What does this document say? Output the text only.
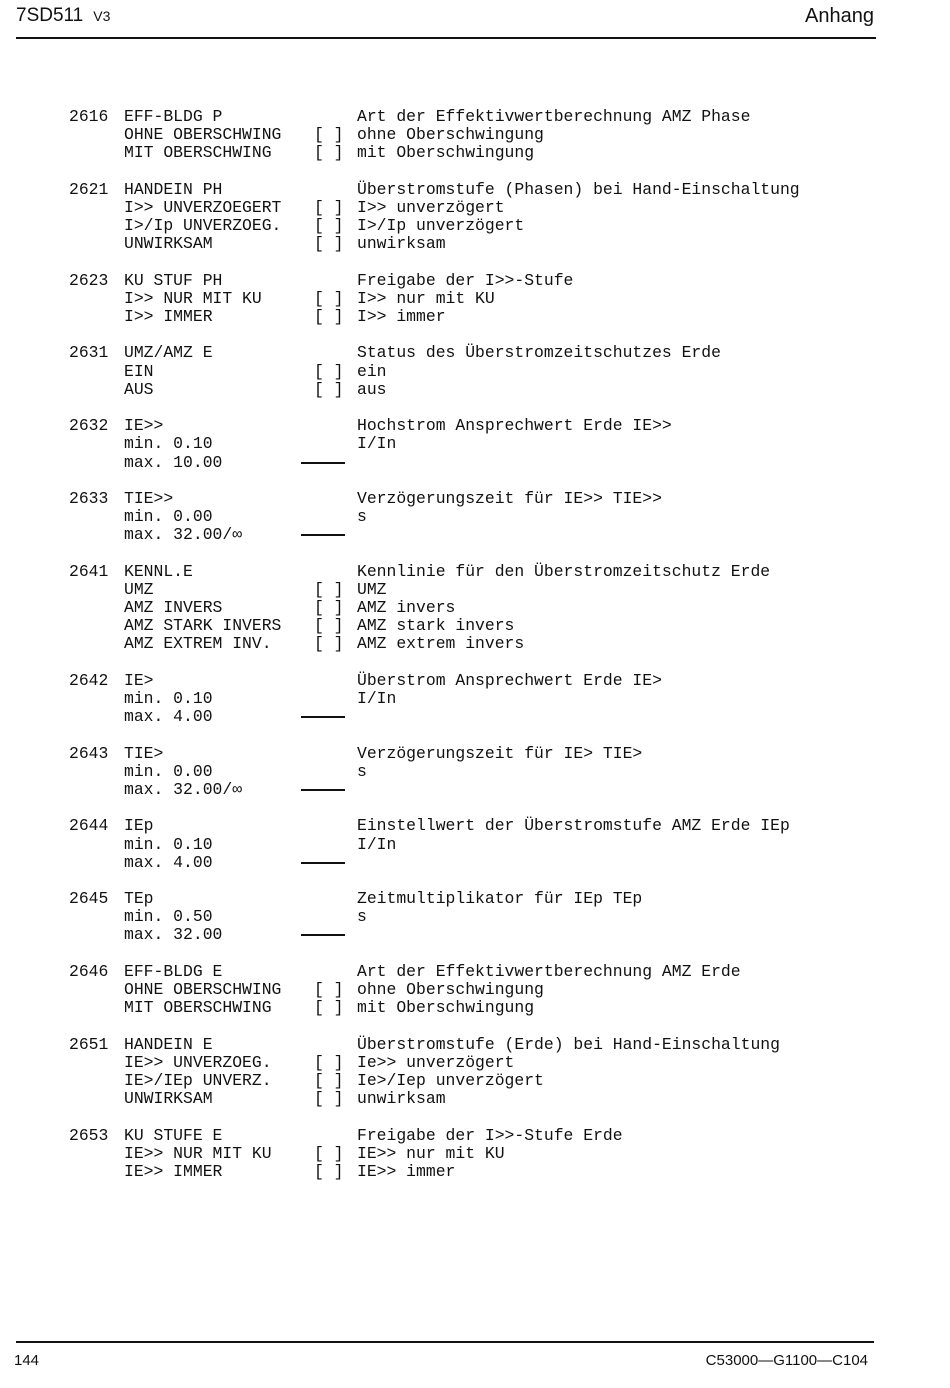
7SD511 V3	Anhang
2616 EFF-BLDG P	Art der Effektivwertberechnung AMZ Phase
OHNE OBERSCHWING [ ] ohne Oberschwingung
MIT OBERSCHWING	[ ] mit Oberschwingung
2621 HANDEIN PH	Überstromstufe (Phasen) bei Hand-Einschaltung
I>> UNVERZOEGERT [ ] I>> unverzögert
I>/Ip UNVERZOEG. [ ] I>/Ip unverzögert
UNWIRKSAM	[ ] unwirksam
2623 KU STUF PH	Freigabe der I>>-Stufe
I>> NUR MIT KU	[ ] I>> nur mit KU
I>> IMMER	[ ] I>> immer
2631 UMZ/AMZ E	Status des Überstromzeitschutzes Erde
EIN	[ ] ein
AUS	[ ] aus
2632 IE>>	Hochstrom Ansprechwert Erde IE>>
min. 0.10	I/In
max. 10.00
2633 TIE>>	Verzögerungszeit für IE>> TIE>>
min. 0.00	s
max. 32.00/∞
2641 KENNL.E	Kennlinie für den Überstromzeitschutz Erde
UMZ	[ ] UMZ
AMZ INVERS	[ ] AMZ invers
AMZ STARK INVERS [ ] AMZ stark invers
AMZ EXTREM INV.	[ ] AMZ extrem invers
2642 IE>	Überstrom Ansprechwert Erde IE>
min. 0.10	I/In
max. 4.00
2643 TIE>	Verzögerungszeit für IE> TIE>
min. 0.00	s
max. 32.00/∞
2644 IEp	Einstellwert der Überstromstufe AMZ Erde IEp
min. 0.10	I/In
max. 4.00
2645 TEp	Zeitmultiplikator für IEp TEp
min. 0.50	s
max. 32.00
2646 EFF-BLDG E	Art der Effektivwertberechnung AMZ Erde
OHNE OBERSCHWING [ ] ohne Oberschwingung
MIT OBERSCHWING	[ ] mit Oberschwingung
2651 HANDEIN E	Überstromstufe (Erde) bei Hand-Einschaltung
IE>> UNVERZOEG.	[ ] Ie>> unverzögert
IE>/IEp UNVERZ.	[ ] Ie>/Iep unverzögert
UNWIRKSAM	[ ] unwirksam
2653 KU STUFE E	Freigabe der I>>-Stufe Erde
IE>> NUR MIT KU	[ ] IE>> nur mit KU
IE>> IMMER	[ ] IE>> immer
144	C53000—G1100—C104
